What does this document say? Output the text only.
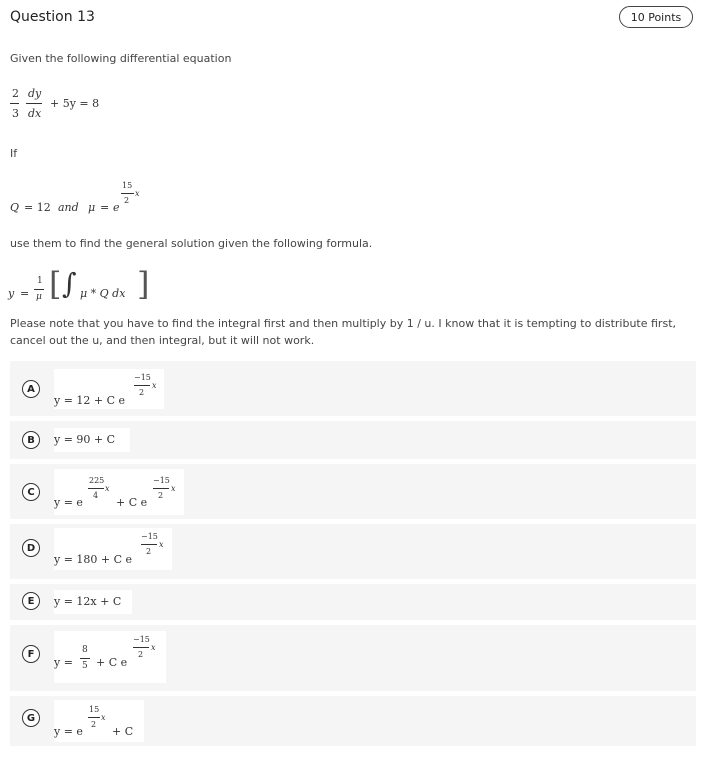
Question 13	10 Points
Given the following differential equation
2 dy
3 dx
+ 5y = 8
If
Q = 12 and μ = e
15
2
x
use them to find the general solution given the following formula.
y =
1
μ [ ∫ μ * Q dx ]
Please note that you have to find the integral first and then multiply by 1 / u. I know that it is tempting to distribute first, cancel out the u, and then integral, but it will not work.
A
y = 12 + C e
−15
2
x
B	y = 90 + C
C
y = e
225
4
x
+ C e
−15
2
x
D
y = 180 + C e
−15
2
x
E	y = 12x + C
F
y =
8
5 + C e
−15
2
x
G
y = e
15
2
x
+ C
